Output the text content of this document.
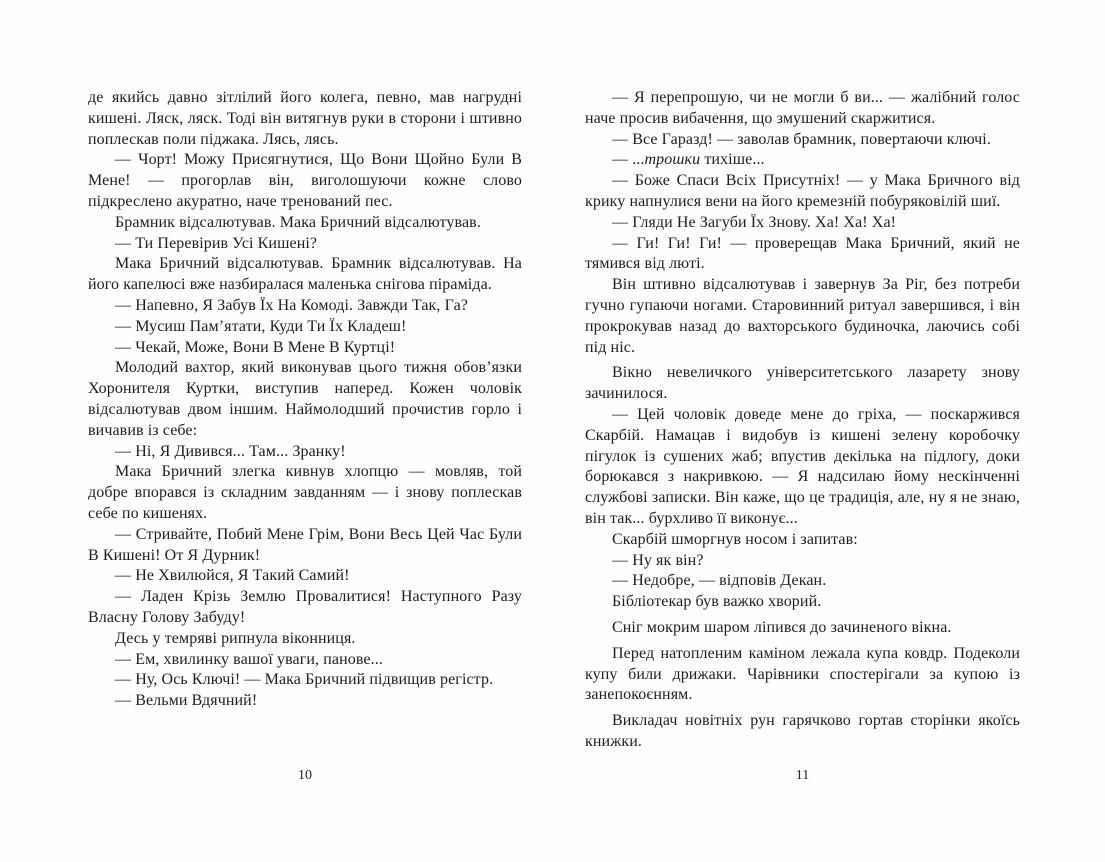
де якийсь давно зітлілий його колега, певно, мав нагрудні кишені. Ляск, ляск. Тоді він витягнув руки в сторони і штивно поплескав поли піджака. Лясь, лясь.

— Чорт! Можу Присягнутися, Що Вони Щойно Були В Мене! — прогорлав він, виголошуючи кожне слово підкреслено акуратно, наче тренований пес.

Брамник відсалютував. Мака Бричний відсалютував.

— Ти Перевірив Усі Кишені?

Мака Бричний відсалютував. Брамник відсалютував. На його капелюсі вже назбиралася маленька снігова піраміда.

— Напевно, Я Забув Їх На Комоді. Завжди Так, Га?

— Мусиш Пам’ятати, Куди Ти Їх Кладеш!

— Чекай, Може, Вони В Мене В Куртці!

Молодий вахтор, який виконував цього тижня обов’язки Хоронителя Куртки, виступив наперед. Кожен чоловік відсалютував двом іншим. Наймолодший прочистив горло і вичавив із себе:

— Ні, Я Дивився... Там... Зранку!

Мака Бричний злегка кивнув хлопцю — мовляв, той добре впорався із складним завданням — і знову поплескав себе по кишенях.

— Стривайте, Побий Мене Грім, Вони Весь Цей Час Були В Кишені! От Я Дурник!

— Не Хвилюйся, Я Такий Самий!

— Ладен Крізь Землю Провалитися! Наступного Разу Власну Голову Забуду!

Десь у темряві рипнула віконниця.

— Ем, хвилинку вашої уваги, панове...

— Ну, Ось Ключі! — Мака Бричний підвищив регістр.

— Вельми Вдячний!

10

— Я перепрошую, чи не могли б ви... — жалібний голос наче просив вибачення, що змушений скаржитися.

— Все Гаразд! — заволав брамник, повертаючи ключі.

— ...трошки тихіше...

— Боже Спаси Всіх Присутніх! — у Мака Бричного від крику напнулися вени на його кремезній побуряковілій шиї.

— Гляди Не Загуби Їх Знову. Ха! Ха! Ха!

— Ги! Ги! Ги! — проверещав Мака Бричний, який не тямився від люті.

Він штивно відсалютував і завернув За Ріг, без потреби гучно гупаючи ногами. Старовинний ритуал завершився, і він прокрокував назад до вахторського будиночка, лаючись собі під ніс.

Вікно невеличкого університетського лазарету знову зачинилося.

— Цей чоловік доведе мене до гріха, — поскаржився Скарбій. Намацав і видобув із кишені зелену коробочку пігулок із сушених жаб; впустив декілька на підлогу, доки борюкався з накривкою. — Я надсилаю йому нескінченні службові записки. Він каже, що це традиція, але, ну я не знаю, він так... бурхливо її виконує...

Скарбій шморгнув носом і запитав:

— Ну як він?

— Недобре, — відповів Декан.

Бібліотекар був важко хворий.

Сніг мокрим шаром ліпився до зачиненого вікна.

Перед натопленим каміном лежала купа ковдр. Подеколи купу били дрижаки. Чарівники спостерігали за купою із занепокоєнням.

Викладач новітніх рун гарячково гортав сторінки якоїсь книжки.

11
